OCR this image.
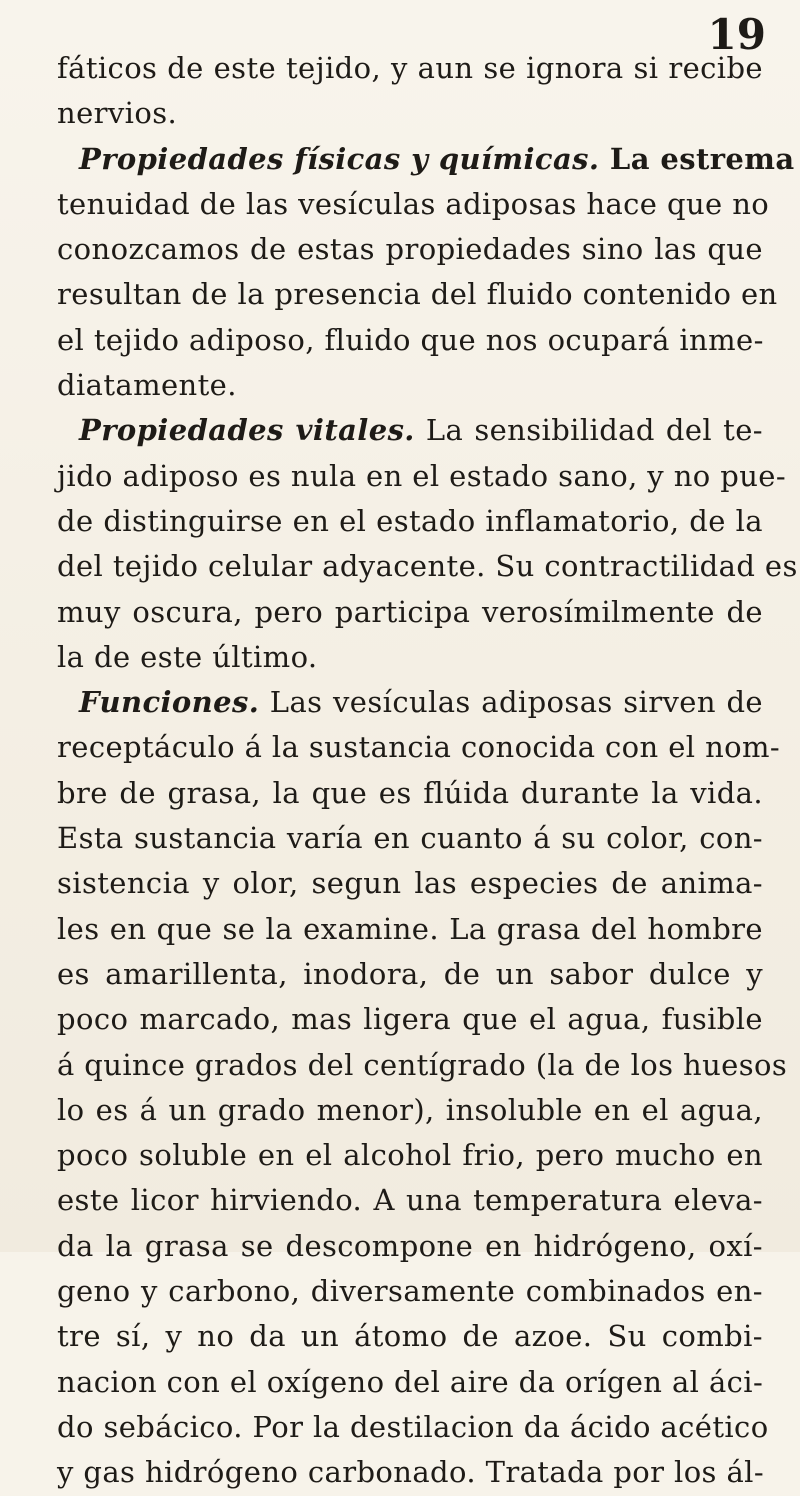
19
fáticos de este tejido, y aun se ignora si recibe
nervios.
Propiedades físicas y químicas. La estrema
tenuidad de las vesículas adiposas hace que no
conozcamos de estas propiedades sino las que
resultan de la presencia del fluido contenido en
el tejido adiposo, fluido que nos ocupará inme-
diatamente.
Propiedades vitales. La sensibilidad del te-
jido adiposo es nula en el estado sano, y no pue-
de distinguirse en el estado inflamatorio, de la
del tejido celular adyacente. Su contractilidad es
muy oscura, pero participa verosímilmente de
la de este último.
Funciones. Las vesículas adiposas sirven de
receptáculo á la sustancia conocida con el nom-
bre de grasa, la que es flúida durante la vida.
Esta sustancia varía en cuanto á su color, con-
sistencia y olor, segun las especies de anima-
les en que se la examine. La grasa del hombre
es amarillenta, inodora, de un sabor dulce y
poco marcado, mas ligera que el agua, fusible
á quince grados del centígrado (la de los huesos
lo es á un grado menor), insoluble en el agua,
poco soluble en el alcohol frio, pero mucho en
este licor hirviendo. A una temperatura eleva-
da la grasa se descompone en hidrógeno, oxí-
geno y carbono, diversamente combinados en-
tre sí, y no da un átomo de azoe. Su combi-
nacion con el oxígeno del aire da orígen al áci-
do sebácico. Por la destilacion da ácido acético
y gas hidrógeno carbonado. Tratada por los ál-
